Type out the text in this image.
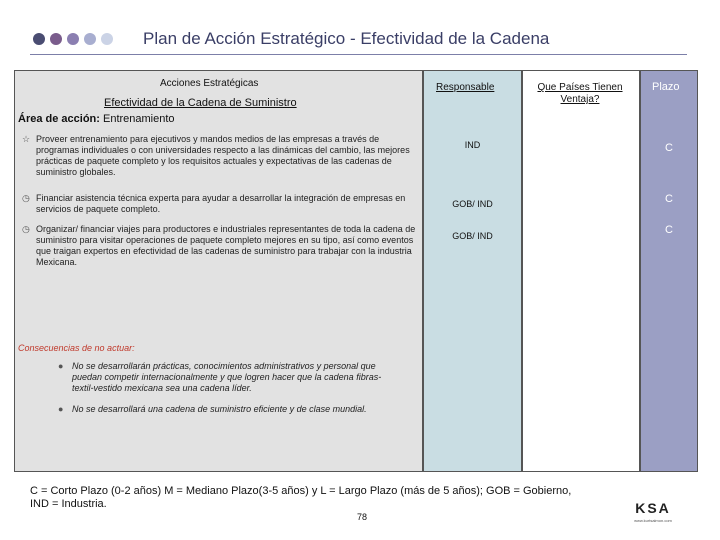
Plan de Acción Estratégico - Efectividad de la Cadena
Acciones Estratégicas
Efectividad de la Cadena de Suministro
Responsable	Que Países Tienen Ventaja?
Plazo
Área de acción: Entrenamiento
☆ Proveer entrenamiento para ejecutivos y mandos medios de las empresas a través de programas individuales o con universidades respecto a las dinámicas del cambio, las mejores prácticas de paquete completo y los requisitos actuales y expectativas de las cadenas de suministro globales.
◷ Financiar asistencia técnica experta para ayudar a desarrollar la integración de empresas en servicios de paquete completo.
◷ Organizar/ financiar viajes para productores e industriales representantes de toda la cadena de suministro para visitar operaciones de paquete completo mejores en su tipo, así como eventos que traigan expertos en efectividad de las cadenas de suministro para trabajar con la industria Mexicana.
IND
GOB/ IND
GOB/ IND
C
C
C
Consecuencias de no actuar:
● No se desarrollarán prácticas, conocimientos administrativos y personal que puedan competir internacionalmente y que logren hacer que la cadena fibras-textil-vestido mexicana sea una cadena líder.
● No se desarrollará una cadena de suministro eficiente y de clase mundial.
C = Corto Plazo (0-2 años) M = Mediano Plazo(3-5 años) y L = Largo Plazo (más de 5 años); GOB = Gobierno, IND = Industria.
78
KSA
www.kurtsalmon.com
